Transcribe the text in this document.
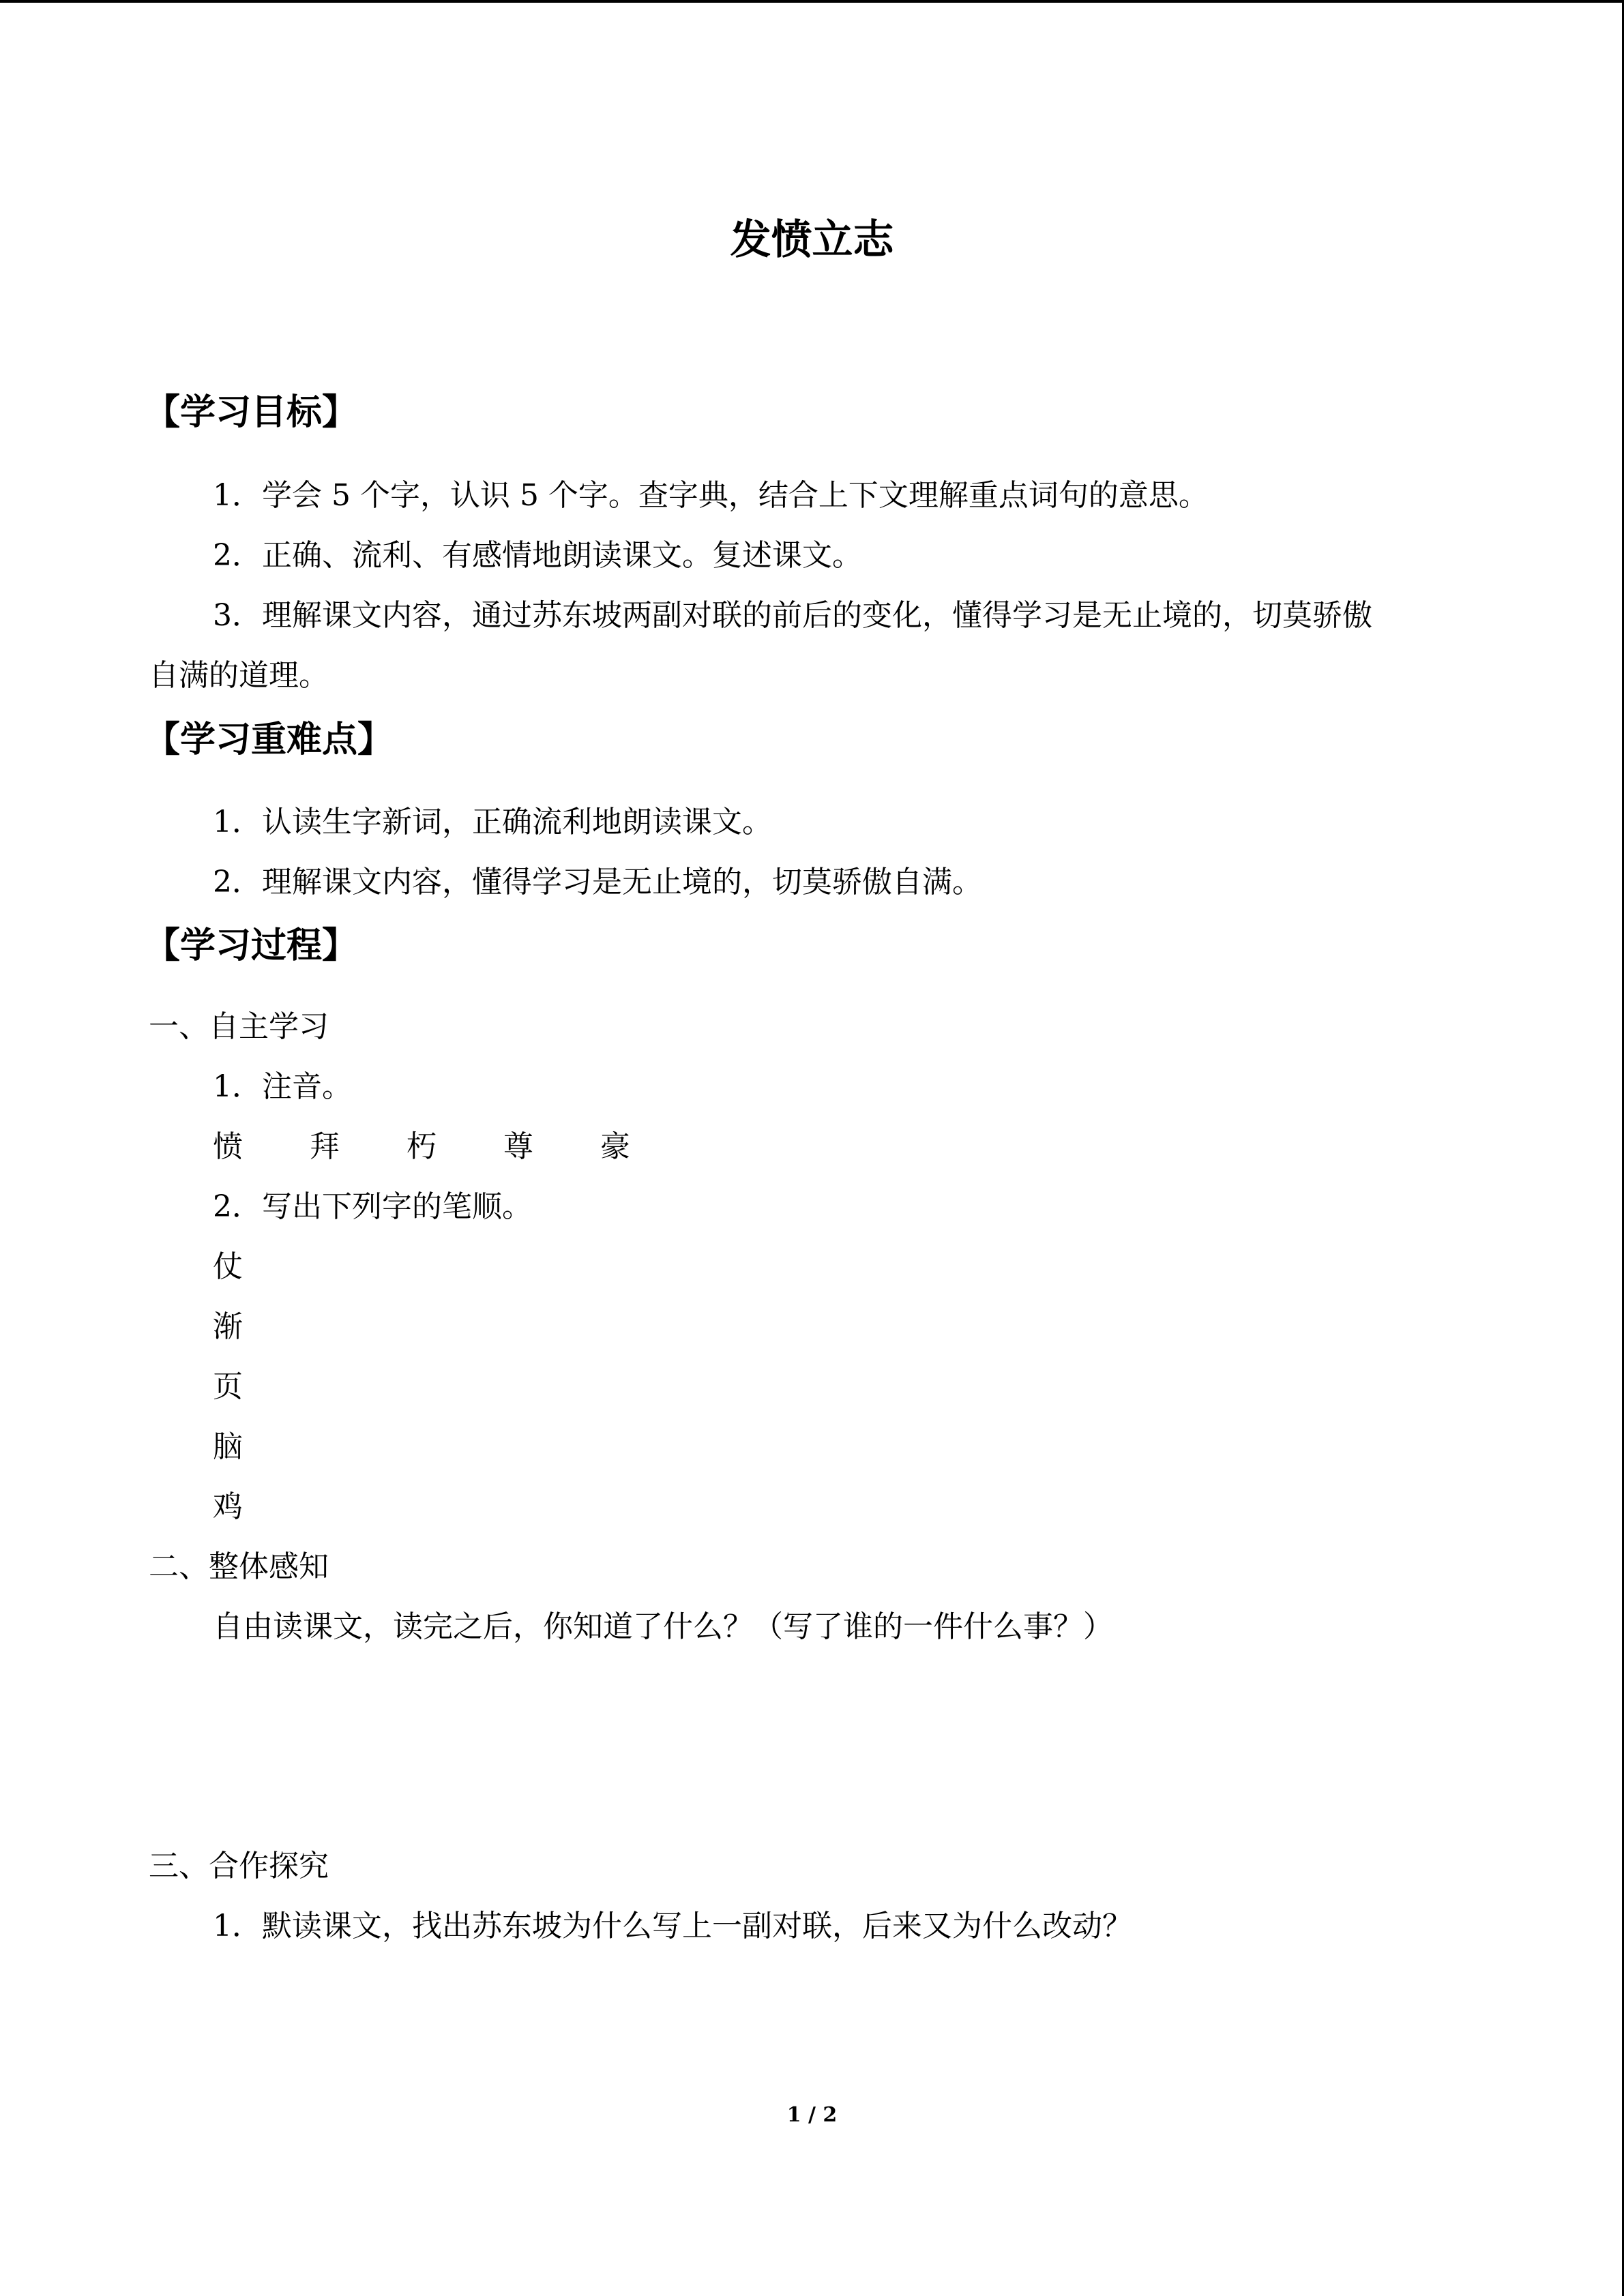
发愤立志
【学习目标】
1．学会 5 个字，认识 5 个字。查字典，结合上下文理解重点词句的意思。
2．正确、流利、有感情地朗读课文。复述课文。
3．理解课文内容，通过苏东坡两副对联的前后的变化，懂得学习是无止境的，切莫骄傲
自满的道理。
【学习重难点】
1．认读生字新词，正确流利地朗读课文。
2．理解课文内容，懂得学习是无止境的，切莫骄傲自满。
【学习过程】
一、自主学习
1．注音。
愤	拜	朽	尊	豪
2．写出下列字的笔顺。
仗
渐
页
脑
鸡
二、整体感知
自由读课文，读完之后，你知道了什么？（写了谁的一件什么事？）
三、合作探究
1．默读课文，找出苏东坡为什么写上一副对联，后来又为什么改动？
1 / 2
